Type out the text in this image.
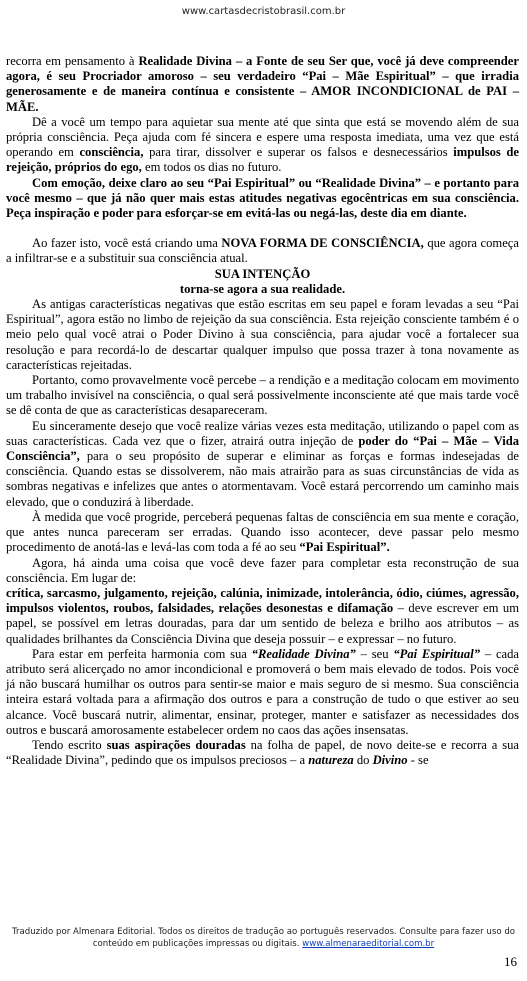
www.cartasdecristobrasil.com.br

recorra em pensamento à Realidade Divina – a Fonte de seu Ser que, você já deve compreender agora, é seu Procriador amoroso – seu verdadeiro “Pai – Mãe Espiritual” – que irradia generosamente e de maneira contínua e consistente – AMOR INCONDICIONAL de PAI – MÃE.

Dê a você um tempo para aquietar sua mente até que sinta que está se movendo além de sua própria consciência. Peça ajuda com fé sincera e espere uma resposta imediata, uma vez que está operando em consciência, para tirar, dissolver e superar os falsos e desnecessários impulsos de rejeição, próprios do ego, em todos os dias no futuro.

Com emoção, deixe claro ao seu “Pai Espiritual” ou “Realidade Divina” – e portanto para você mesmo – que já não quer mais estas atitudes negativas egocêntricas em sua consciência. Peça inspiração e poder para esforçar-se em evitá-las ou negá-las, deste dia em diante.

Ao fazer isto, você está criando uma NOVA FORMA DE CONSCIÊNCIA, que agora começa a infiltrar-se e a substituir sua consciência atual.

SUA INTENÇÃO

torna-se agora a sua realidade.

As antigas características negativas que estão escritas em seu papel e foram levadas a seu “Pai Espiritual”, agora estão no limbo de rejeição da sua consciência. Esta rejeição consciente também é o meio pelo qual você atrai o Poder Divino à sua consciência, para ajudar você a fortalecer sua resolução e para recordá-lo de descartar qualquer impulso que possa trazer à tona novamente as características rejeitadas.

Portanto, como provavelmente você percebe – a rendição e a meditação colocam em movimento um trabalho invisível na consciência, o qual será possivelmente inconsciente até que mais tarde você se dê conta de que as características desapareceram.

Eu sinceramente desejo que você realize várias vezes esta meditação, utilizando o papel com as suas características. Cada vez que o fizer, atrairá outra injeção de poder do “Pai – Mãe – Vida Consciência”, para o seu propósito de superar e eliminar as forças e formas indesejadas de consciência. Quando estas se dissolverem, não mais atrairão para as suas circunstâncias de vida as sombras negativas e infelizes que antes o atormentavam. Você estará percorrendo um caminho mais elevado, que o conduzirá à liberdade.

À medida que você progride, perceberá pequenas faltas de consciência em sua mente e coração, que antes nunca pareceram ser erradas. Quando isso acontecer, deve passar pelo mesmo procedimento de anotá-las e levá-las com toda a fé ao seu “Pai Espiritual”.

Agora, há ainda uma coisa que você deve fazer para completar esta reconstrução de sua consciência. Em lugar de:

crítica, sarcasmo, julgamento, rejeição, calúnia, inimizade, intolerância, ódio, ciúmes, agressão, impulsos violentos, roubos, falsidades, relações desonestas e difamação – deve escrever em um papel, se possível em letras douradas, para dar um sentido de beleza e brilho aos atributos – as qualidades brilhantes da Consciência Divina que deseja possuir – e expressar – no futuro.

Para estar em perfeita harmonia com sua “Realidade Divina” – seu “Pai Espiritual” – cada atributo será alicerçado no amor incondicional e promoverá o bem mais elevado de todos. Pois você já não buscará humilhar os outros para sentir-se maior e mais seguro de si mesmo. Sua consciência inteira estará voltada para a afirmação dos outros e para a construção de tudo o que estiver ao seu alcance. Você buscará nutrir, alimentar, ensinar, proteger, manter e satisfazer as necessidades dos outros e buscará amorosamente estabelecer ordem no caos das ações insensatas.

Tendo escrito suas aspirações douradas na folha de papel, de novo deite-se e recorra a sua “Realidade Divina”, pedindo que os impulsos preciosos – a natureza do Divino - se

Traduzido por Almenara Editorial. Todos os direitos de tradução ao português reservados. Consulte para fazer uso do conteúdo em publicações impressas ou digitais. www.almenaraeditorial.com.br
16
